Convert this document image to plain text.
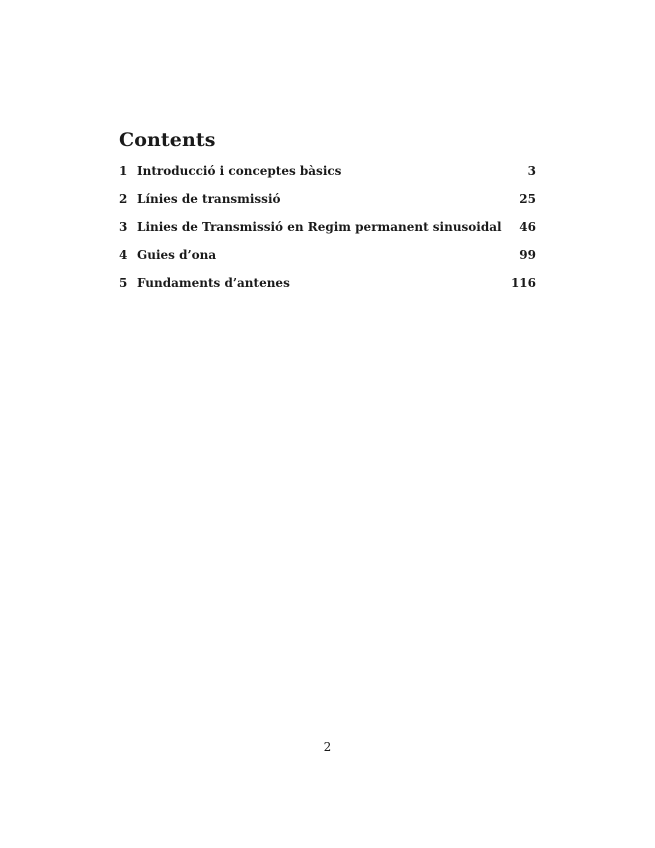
Contents
1 Introducció i conceptes bàsics	3
2 Línies de transmissió	25
3 Linies de Transmissió en Regim permanent sinusoidal 46
4 Guies d’ona	99
5 Fundaments d’antenes	116
2
